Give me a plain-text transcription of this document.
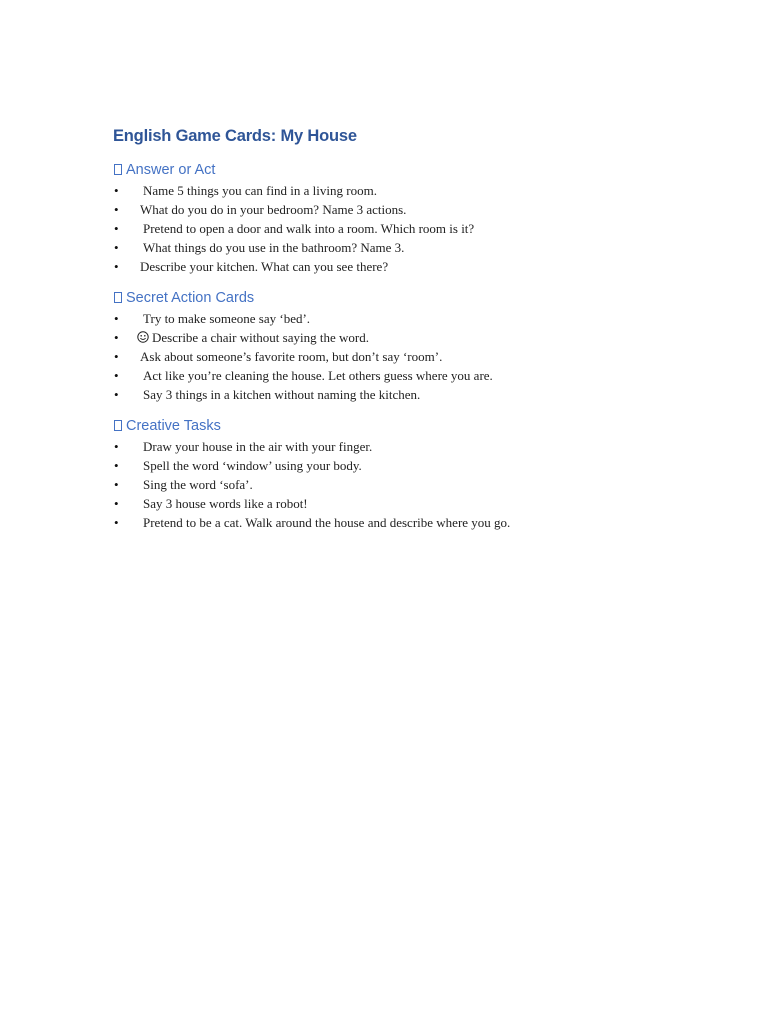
English Game Cards: My House
Answer or Act
•	Name 5 things you can find in a living room.
•	What do you do in your bedroom? Name 3 actions.
•	Pretend to open a door and walk into a room. Which room is it?
•	What things do you use in the bathroom? Name 3.
•	Describe your kitchen. What can you see there?
Secret Action Cards
•	Try to make someone say ‘bed’.
•	Describe a chair without saying the word.
•	Ask about someone’s favorite room, but don’t say ‘room’.
•	Act like you’re cleaning the house. Let others guess where you are.
•	Say 3 things in a kitchen without naming the kitchen.
Creative Tasks
•	Draw your house in the air with your finger.
•	Spell the word ‘window’ using your body.
•	Sing the word ‘sofa’.
•	Say 3 house words like a robot!
•	Pretend to be a cat. Walk around the house and describe where you go.
